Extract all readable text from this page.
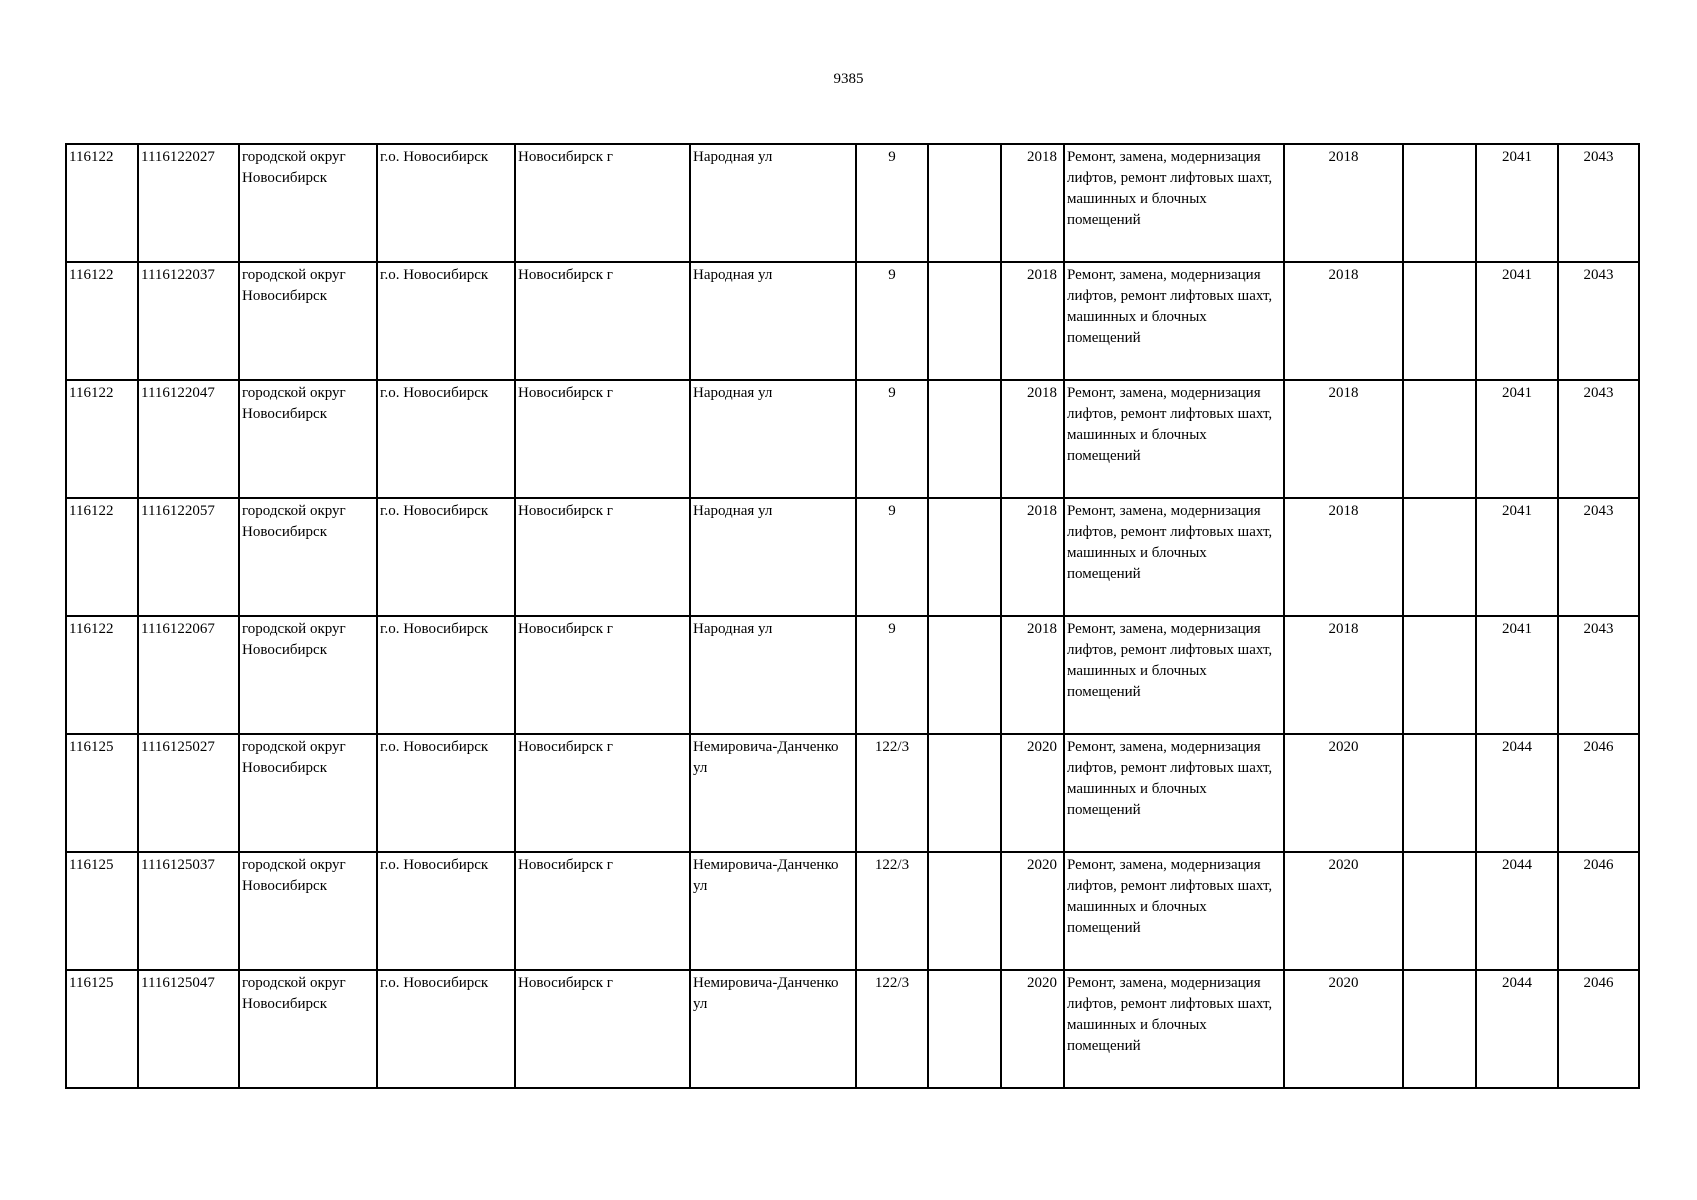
9385
116122	1116122027	городской округ Новосибирск	г.о. Новосибирск	Новосибирск г	Народная ул	9		2018	Ремонт, замена, модернизация лифтов, ремонт лифтовых шахт, машинных и блочных помещений	2018		2041	2043
116122	1116122037	городской округ Новосибирск	г.о. Новосибирск	Новосибирск г	Народная ул	9		2018	Ремонт, замена, модернизация лифтов, ремонт лифтовых шахт, машинных и блочных помещений	2018		2041	2043
116122	1116122047	городской округ Новосибирск	г.о. Новосибирск	Новосибирск г	Народная ул	9		2018	Ремонт, замена, модернизация лифтов, ремонт лифтовых шахт, машинных и блочных помещений	2018		2041	2043
116122	1116122057	городской округ Новосибирск	г.о. Новосибирск	Новосибирск г	Народная ул	9		2018	Ремонт, замена, модернизация лифтов, ремонт лифтовых шахт, машинных и блочных помещений	2018		2041	2043
116122	1116122067	городской округ Новосибирск	г.о. Новосибирск	Новосибирск г	Народная ул	9		2018	Ремонт, замена, модернизация лифтов, ремонт лифтовых шахт, машинных и блочных помещений	2018		2041	2043
116125	1116125027	городской округ Новосибирск	г.о. Новосибирск	Новосибирск г	Немировича-Данченко ул	122/3		2020	Ремонт, замена, модернизация лифтов, ремонт лифтовых шахт, машинных и блочных помещений	2020		2044	2046
116125	1116125037	городской округ Новосибирск	г.о. Новосибирск	Новосибирск г	Немировича-Данченко ул	122/3		2020	Ремонт, замена, модернизация лифтов, ремонт лифтовых шахт, машинных и блочных помещений	2020		2044	2046
116125	1116125047	городской округ Новосибирск	г.о. Новосибирск	Новосибирск г	Немировича-Данченко ул	122/3		2020	Ремонт, замена, модернизация лифтов, ремонт лифтовых шахт, машинных и блочных помещений	2020		2044	2046
